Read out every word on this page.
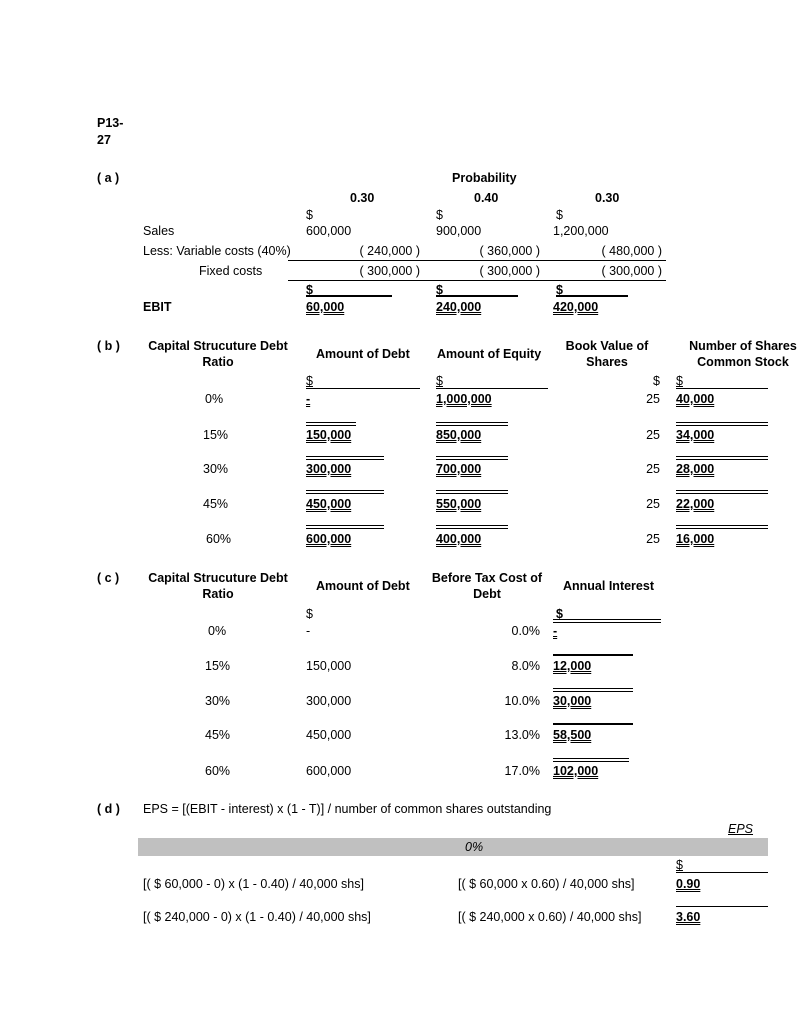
P13-
27
( a )	Probability
0.30	0.40	0.30
$	$	$
Sales	600,000	900,000	1,200,000
Less: Variable costs (40%)	( 240,000 )	( 360,000 )	( 480,000 )
Fixed costs	( 300,000 )	( 300,000 )	( 300,000 )
$	$	$
EBIT	60,000	240,000	420,000
( b )	Capital Strucuture Debt Ratio
Amount of Debt Amount of Equity
Book Value of Shares
Number of Shares Common Stock
$	$	$ $
0%	-	1,000,000	25 40,000
15%	150,000	850,000	25 34,000
30%	300,000	700,000	25 28,000
45%	450,000	550,000	25 22,000
60%	600,000	400,000	25 16,000
( c )	Capital Strucuture Debt Ratio
Amount of Debt
Before Tax Cost of Debt
Annual Interest
$	$
0%	-	0.0% -
15%	150,000	8.0% 12,000
30%	300,000	10.0% 30,000
45%	450,000	13.0% 58,500
60%	600,000	17.0% 102,000
( d ) EPS = [(EBIT - interest) x (1 - T)] / number of common shares outstanding
EPS
0%
$
[( $ 60,000 - 0) x (1 - 0.40) / 40,000 shs]	[( $ 60,000 x 0.60) / 40,000 shs]	0.90
[( $ 240,000 - 0) x (1 - 0.40) / 40,000 shs]	[( $ 240,000 x 0.60) / 40,000 shs]	3.60
